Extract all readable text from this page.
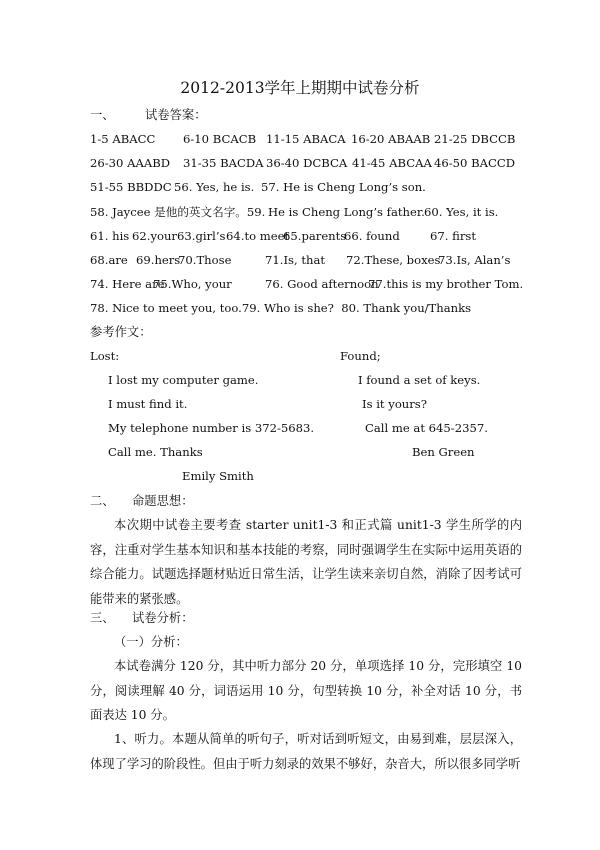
2012-2013学年上期期中试卷分析
一、 试卷答案：
1-5 ABACC 6-10 BCACB 11-15 ABACA 16-20 ABAAB 21-25 DBCCB
26-30 AAABD 31-35 BACDA 36-40 DCBCA 41-45 ABCAA 46-50 BACCD
51-55 BBDDC 56. Yes, he is. 57. He is Cheng Long’s son.
58. Jaycee 是他的英文名字。59. He is Cheng Long’s father. 60. Yes, it is.
61. his 62.your 63.girl’s 64.to meet
65.parents
66. found	67. first
68.are 69.hers
70.Those	71.Is, that 72.These, boxes
73.Is, Alan’s
74. Here are
75.Who, your	76. Good afternoon
77.this is my brother Tom.
78. Nice to meet you, too.79. Who is she?  80. Thank you/Thanks
参考作文：
Lost:	Found;
I lost my computer game.	I found a set of keys.
I must find it.	Is it yours?
My telephone number is 372-5683.	Call me at 645-2357.
Call me. Thanks	Ben Green
Emily Smith
二、 命题思想：
本次期中试卷主要考查 starter unit1-3 和正式篇 unit1-3 学生所学的内容，注重对学生基本知识和基本技能的考察，同时强调学生在实际中运用英语的综合能力。试题选择题材贴近日常生活，让学生读来亲切自然，消除了因考试可能带来的紧张感。
三、 试卷分析：
（一）分析：
本试卷满分 120 分，其中听力部分 20 分，单项选择 10 分，完形填空 10 分，阅读理解 40 分，词语运用 10 分，句型转换 10 分，补全对话 10 分，书面表达 10 分。
1、听力。本题从简单的听句子，听对话到听短文，由易到难，层层深入，体现了学习的阶段性。但由于听力刻录的效果不够好，杂音大，所以很多同学听
